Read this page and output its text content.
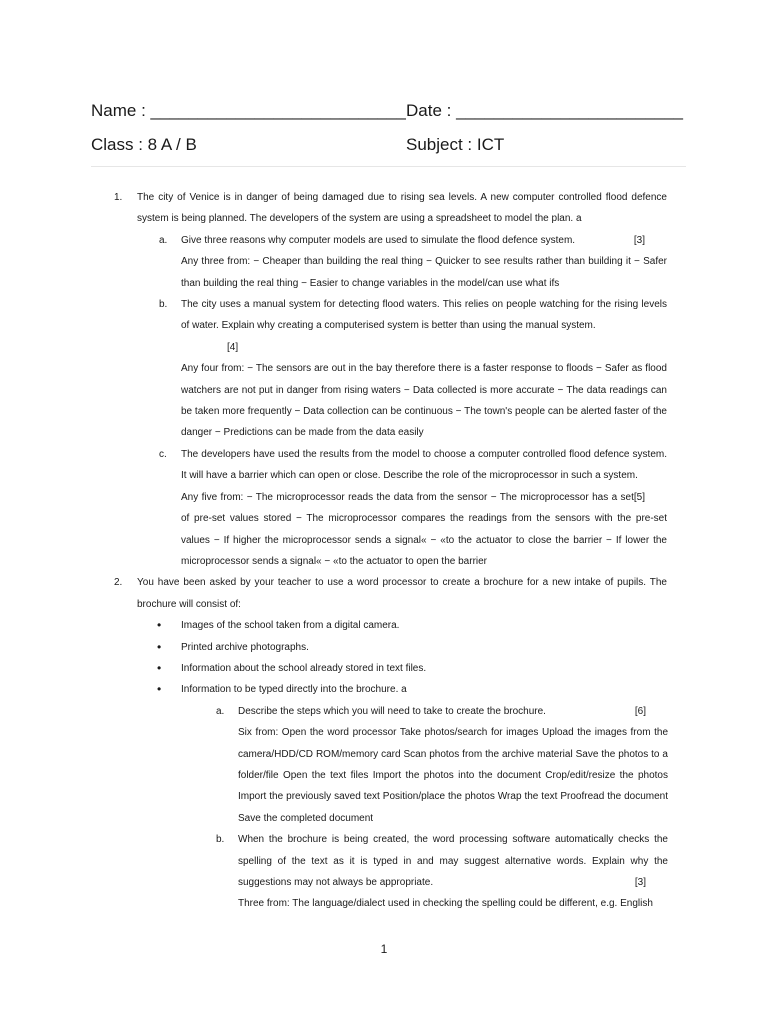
Name : ___________________________ Date : ________________________
Class : 8 A / B	Subject : ICT
1. The city of Venice is in danger of being damaged due to rising sea levels. A new computer controlled flood defence system is being planned. The developers of the system are using a spreadsheet to model the plan. a
a. Give three reasons why computer models are used to simulate the flood defence system.	[3]
Any three from: − Cheaper than building the real thing − Quicker to see results rather than building it − Safer than building the real thing − Easier to change variables in the model/can use what ifs
b. The city uses a manual system for detecting flood waters. This relies on people watching for the rising levels of water. Explain why creating a computerised system is better than using the manual system.
[4]
Any four from: − The sensors are out in the bay therefore there is a faster response to floods − Safer as flood watchers are not put in danger from rising waters − Data collected is more accurate − The data readings can be taken more frequently − Data collection can be continuous − The town's people can be alerted faster of the danger − Predictions can be made from the data easily
c. The developers have used the results from the model to choose a computer controlled flood defence system. It will have a barrier which can open or close. Describe the role of the microprocessor in such a system.
[5]
Any five from: − The microprocessor reads the data from the sensor − The microprocessor has a set of pre-set values stored − The microprocessor compares the readings from the sensors with the pre-set values − If higher the microprocessor sends a signal« − «to the actuator to close the barrier − If lower the microprocessor sends a signal« − «to the actuator to open the barrier
2. You have been asked by your teacher to use a word processor to create a brochure for a new intake of pupils. The brochure will consist of:
• Images of the school taken from a digital camera.
• Printed archive photographs.
• Information about the school already stored in text files.
• Information to be typed directly into the brochure. a
a. Describe the steps which you will need to take to create the brochure.	[6]
Six from: Open the word processor Take photos/search for images Upload the images from the camera/HDD/CD ROM/memory card Scan photos from the archive material Save the photos to a folder/file Open the text files Import the photos into the document Crop/edit/resize the photos Import the previously saved text Position/place the photos Wrap the text Proofread the document Save the completed document
b. When the brochure is being created, the word processing software automatically checks the spelling of the text as it is typed in and may suggest alternative words. Explain why the suggestions may not always be appropriate.	[3]
Three from: The language/dialect used in checking the spelling could be different, e.g. English
1
